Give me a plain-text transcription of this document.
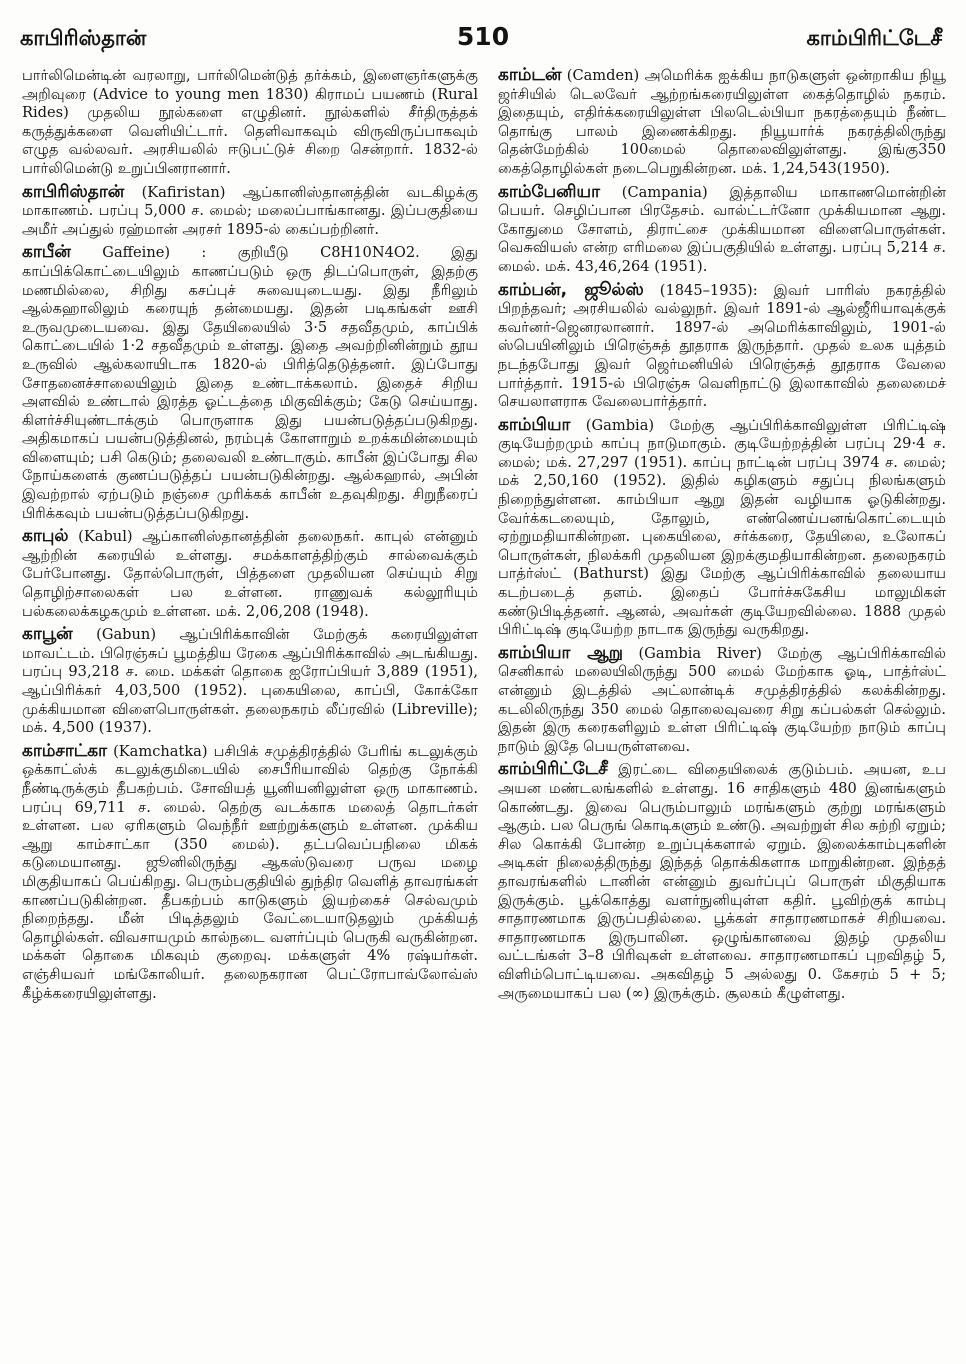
காபிரிஸ்தான்	510	காம்பிரிட்டேசீ

பார்லிமென்டின் வரலாறு, பார்லிமென்டுத் தர்க்கம், இளைஞர்களுக்கு அறிவுரை (Advice to young men 1830) கிராமப் பயணம் (Rural Rides) முதலிய நூல்களை எழுதினர். நூல்களில் சீர்திருத்தக் கருத்துக்களை வெளியிட்டார். தெளிவாகவும் விருவிருப்பாகவும் எழுத வல்லவர். அரசியலில் ஈடுபட்டுச் சிறை சென்றார். 1832-ல் பார்லிமென்டு உறுப்பினரானார்.

காபிரிஸ்தான் (Kafiristan) ஆப்கானிஸ்தானத்தின் வடகிழக்கு மாகாணம். பரப்பு 5,000 ச. மைல்; மலைப்பாங்கானது. இப்பகுதியை அமீர் அப்துல் ரஹ்மான் அரசர் 1895-ல் கைப்பற்றினர்.

காபீன் Gaffeine) : குறியீடு C8H10N4O2. இது காப்பிக்கொட்டையிலும் காணப்படும் ஒரு திடப்பொருள், இதற்கு மணமில்லை, சிறிது கசப்புச் சுவையுடையது. இது நீரிலும் ஆல்கஹாலிலும் கரையுந் தன்மையது. இதன் படிகங்கள் ஊசி உருவமுடையவை. இது தேயிலையில் 3·5 சதவீதமும், காப்பிக் கொட்டையில் 1·2 சதவீதமும் உள்ளது. இதை அவற்றினின்றும் தூய உருவில் ஆல்கலாயிடாக 1820-ல் பிரித்தெடுத்தனர். இப்போது சோதனைச்சாலையிலும் இதை உண்டாக்கலாம். இதைச் சிறிய அளவில் உண்டால் இரத்த ஓட்டத்தை மிகுவிக்கும்; கேடு செய்யாது. கிளர்ச்சியுண்டாக்கும் பொருளாக இது பயன்படுத்தப்படுகிறது. அதிகமாகப் பயன்படுத்தினல், நரம்புக் கோளாறும் உறக்கமின்மையும் விளையும்; பசி கெடும்; தலைவலி உண்டாகும். காபீன் இப்போது சில நோய்களைக் குணப்படுத்தப் பயன்படுகின்றது. ஆல்கஹால், அபின் இவற்றால் ஏற்படும் நஞ்சை முரிக்கக் காபீன் உதவுகிறது. சிறுநீரைப் பிரிக்கவும் பயன்படுத்தப்படுகிறது.

காபுல் (Kabul) ஆப்கானிஸ்தானத்தின் தலைநகர். காபுல் என்னும் ஆற்றின் கரையில் உள்ளது. சமக்காளத்திற்கும் சால்வைக்கும் பேர்போனது. தோல்பொருள், பித்தளை முதலியன செய்யும் சிறு தொழிற்சாலைகள் பல உள்ளன. ராணுவக் கல்லூரியும் பல்கலைக்கழகமும் உள்ளன. மக். 2,06,208 (1948).

காபூன் (Gabun) ஆப்பிரிக்காவின் மேற்குக் கரையிலுள்ள மாவட்டம். பிரெஞ்சுப் பூமத்திய ரேகை ஆப்பிரிக்காவில் அடங்கியது. பரப்பு 93,218 ச. மை. மக்கள் தொகை ஐரோப்பியர் 3,889 (1951), ஆப்பிரிக்கர் 4,03,500 (1952). புகையிலை, காப்பி, கோக்கோ முக்கியமான விளைபொருள்கள். தலைநகரம் லீப்ரவில் (Libreville); மக். 4,500 (1937).

காம்சாட்கா (Kamchatka) பசிபிக் சமுத்திரத்தில் பேரிங் கடலுக்கும் ஒக்காட்ஸ்க் கடலுக்குமிடையில் சைபீரியாவில் தெற்கு நோக்கி நீண்டிருக்கும் தீபகற்பம். சோவியத் யூனியனிலுள்ள ஒரு மாகாணம். பரப்பு 69,711 ச. மைல். தெற்கு வடக்காக மலைத் தொடர்கள் உள்ளன. பல ஏரிகளும் வெந்நீர் ஊற்றுக்களும் உள்ளன. முக்கிய ஆறு காம்சாட்கா (350 மைல்). தட்பவெப்பநிலை மிகக் கடுமையானது. ஜூனிலிருந்து ஆகஸ்டுவரை பருவ மழை மிகுதியாகப் பெய்கிறது. பெரும்பகுதியில் துந்திர வெளித் தாவரங்கள் காணப்படுகின்றன. தீபகற்பம் காடுகளும் இயற்கைச் செல்வமும் நிறைந்தது. மீன் பிடித்தலும் வேட்டையாடுதலும் முக்கியத் தொழில்கள். விவசாயமும் கால்நடை வளர்ப்பும் பெருகி வருகின்றன. மக்கள் தொகை மிகவும் குறைவு. மக்களுள் 4% ரஷ்யர்கள். எஞ்சியவர் மங்கோலியர். தலைநகரான பெட்ரோபாவ்லோவ்ஸ் கீழ்க்கரையிலுள்ளது.

காம்டன் (Camden) அமெரிக்க ஐக்கிய நாடுகளுள் ஒன்றாகிய நியூ ஜர்சியில் டெலவேர் ஆற்றங்கரையிலுள்ள கைத்தொழில் நகரம். இதையும், எதிர்க்கரையிலுள்ள பிலடெல்பியா நகரத்தையும் நீண்ட தொங்கு பாலம் இணைக்கிறது. நியூயார்க் நகரத்திலிருந்து தென்மேற்கில் 100மைல் தொலைவிலுள்ளது. இங்கு350 கைத்தொழில்கள் நடைபெறுகின்றன. மக். 1,24,543(1950).

காம்பேனியா (Campania) இத்தாலிய மாகாணமொன்றின் பெயர். செழிப்பான பிரதேசம். வால்ட்டர்னோ முக்கியமான ஆறு. கோதுமை சோளம், திராட்சை முக்கியமான விளைபொருள்கள். வெசுவியஸ் என்ற எரிமலை இப்பகுதியில் உள்ளது. பரப்பு 5,214 ச. மைல். மக். 43,46,264 (1951).

காம்பன், ஜூல்ஸ் (1845–1935): இவர் பாரிஸ் நகரத்தில் பிறந்தவர்; அரசியலில் வல்லுநர். இவர் 1891-ல் ஆல்ஜீரியாவுக்குக் கவர்னர்-ஜெனரலானார். 1897-ல் அமெரிக்காவிலும், 1901-ல் ஸ்பெயினிலும் பிரெஞ்சுத் தூதராக இருந்தார். முதல் உலக யுத்தம் நடந்தபோது இவர் ஜெர்மனியில் பிரெஞ்சுத் தூதராக வேலை பார்த்தார். 1915-ல் பிரெஞ்சு வெளிநாட்டு இலாகாவில் தலைமைச் செயலாளராக வேலைபார்த்தார்.

காம்பியா (Gambia) மேற்கு ஆப்பிரிக்காவிலுள்ள பிரிட்டிஷ் குடியேற்றமும் காப்பு நாடுமாகும். குடியேற்றத்தின் பரப்பு 29·4 ச. மைல்; மக். 27,297 (1951). காப்பு நாட்டின் பரப்பு 3974 ச. மைல்; மக் 2,50,160 (1952). இதில் கழிகளும் சதுப்பு நிலங்களும் நிறைந்துள்ளன. காம்பியா ஆறு இதன் வழியாக ஓடுகின்றது. வேர்க்கடலையும், தோலும், எண்ணெய்பனங்கொட்டையும் ஏற்றுமதியாகின்றன. புகையிலை, சர்க்கரை, தேயிலை, உலோகப் பொருள்கள், நிலக்கரி முதலியன இறக்குமதியாகின்றன. தலைநகரம் பாத்ர்ஸ்ட் (Bathurst) இது மேற்கு ஆப்பிரிக்காவில் தலையாய கடற்படைத் தளம். இதைப் போர்ச்சுகேசிய மாலுமிகள் கண்டுபிடித்தனர். ஆனல், அவர்கள் குடியேறவில்லை. 1888 முதல் பிரிட்டிஷ் குடியேற்ற நாடாக இருந்து வருகிறது.

காம்பியா ஆறு (Gambia River) மேற்கு ஆப்பிரிக்காவில் செனிகால் மலையிலிருந்து 500 மைல் மேற்காக ஓடி, பாத்ர்ஸ்ட் என்னும் இடத்தில் அட்லான்டிக் சமுத்திரத்தில் கலக்கின்றது. கடலிலிருந்து 350 மைல் தொலைவுவரை சிறு கப்பல்கள் செல்லும். இதன் இரு கரைகளிலும் உள்ள பிரிட்டிஷ் குடியேற்ற நாடும் காப்பு நாடும் இதே பெயருள்ளவை.

காம்பிரிட்டேசீ இரட்டை விதையிலைக் குடும்பம். அயன, உப அயன மண்டலங்களில் உள்ளது. 16 சாதிகளும் 480 இனங்களும் கொண்டது. இவை பெரும்பாலும் மரங்களும் குற்று மரங்களும் ஆகும். பல பெருங் கொடிகளும் உண்டு. அவற்றுள் சில சுற்றி ஏறும்; சில கொக்கி போன்ற உறுப்புக்களால் ஏறும். இலைக்காம்புகளின் அடிகள் நிலைத்திருந்து இந்தத் தொக்கிகளாக மாறுகின்றன. இந்தத் தாவரங்களில் டானின் என்னும் துவர்ப்புப் பொருள் மிகுதியாக இருக்கும். பூக்கொத்து வளர்நுனியுள்ள கதிர். பூவிற்குக் காம்பு சாதாரணமாக இருப்பதில்லை. பூக்கள் சாதாரணமாகச் சிறியவை. சாதாரணமாக இருபாலின. ஒழுங்கானவை இதழ் முதலிய வட்டங்கள் 3–8 பிரிவுகள் உள்ளவை. சாதாரணமாகப் புறவிதழ் 5, விளிம்பொட்டியவை. அகவிதழ் 5 அல்லது 0. கேசரம் 5 + 5; அருமையாகப் பல (∞) இருக்கும். சூலகம் கீழுள்ளது.
